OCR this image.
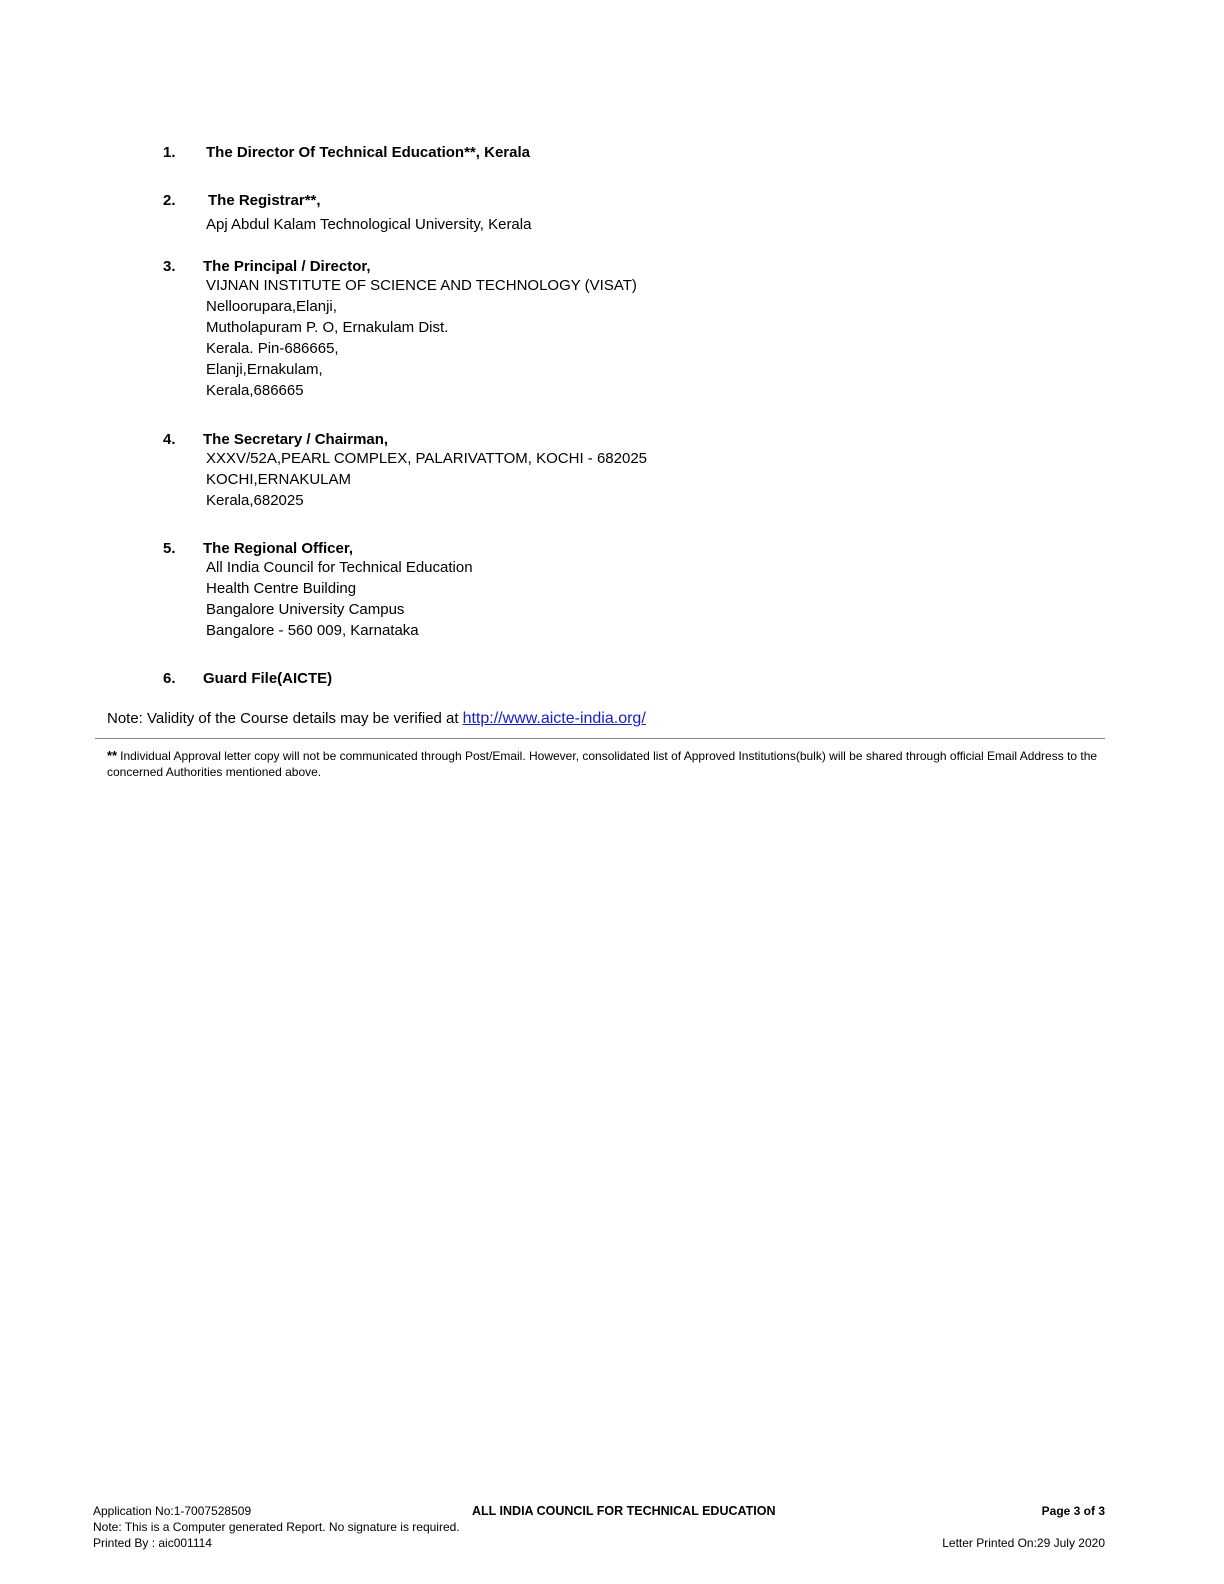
1. The Director Of Technical Education**, Kerala
2. The Registrar**,
Apj Abdul Kalam Technological University, Kerala
3. The Principal / Director,
VIJNAN INSTITUTE OF SCIENCE AND TECHNOLOGY (VISAT)
Nelloorupara,Elanji,
Mutholapuram P. O, Ernakulam Dist.
Kerala. Pin-686665,
Elanji,Ernakulam,
Kerala,686665
4. The Secretary / Chairman,
XXXV/52A,PEARL COMPLEX, PALARIVATTOM, KOCHI - 682025
KOCHI,ERNAKULAM
Kerala,682025
5. The Regional Officer,
All India Council for Technical Education
Health Centre Building
Bangalore University Campus
Bangalore - 560 009, Karnataka
6. Guard File(AICTE)
Note: Validity of the Course details may be verified at http://www.aicte-india.org/
** Individual Approval letter copy will not be communicated through Post/Email. However, consolidated list of Approved Institutions(bulk) will be shared through official Email Address to the concerned Authorities mentioned above.
Application No:1-7007528509
Note: This is a Computer generated Report. No signature is required.
Printed By : aic001114
ALL INDIA COUNCIL FOR TECHNICAL EDUCATION	Page 3 of 3
Letter Printed On:29 July 2020
